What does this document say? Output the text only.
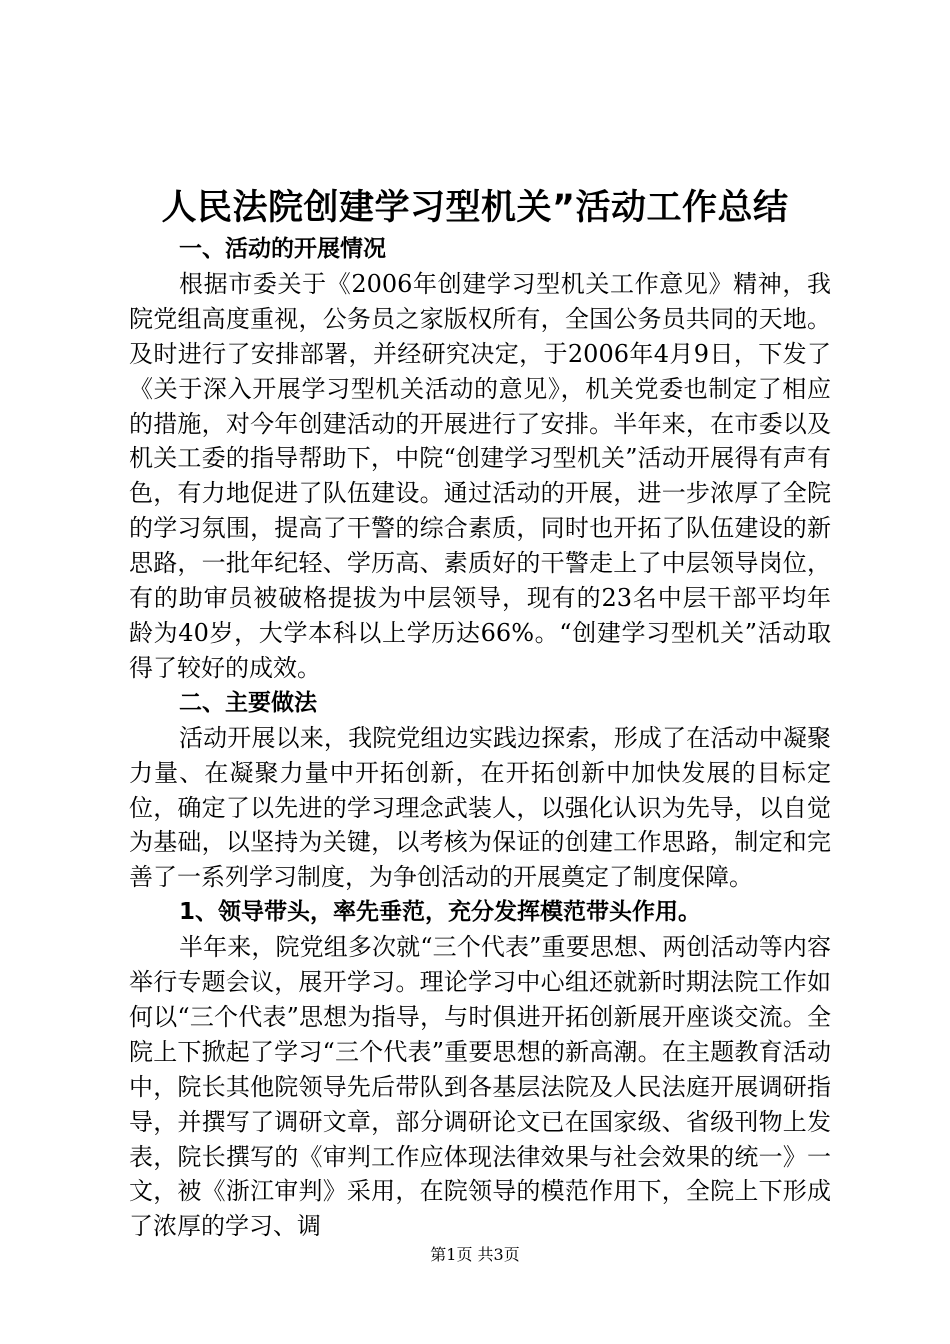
人民法院创建学习型机关”活动工作总结

一、活动的开展情况

根据市委关于《2006年创建学习型机关工作意见》精神，我院党组高度重视，公务员之家版权所有，全国公务员共同的天地。及时进行了安排部署，并经研究决定，于2006年4月9日，下发了《关于深入开展学习型机关活动的意见》，机关党委也制定了相应的措施，对今年创建活动的开展进行了安排。半年来，在市委以及机关工委的指导帮助下，中院“创建学习型机关”活动开展得有声有色，有力地促进了队伍建设。通过活动的开展，进一步浓厚了全院的学习氛围，提高了干警的综合素质，同时也开拓了队伍建设的新思路，一批年纪轻、学历高、素质好的干警走上了中层领导岗位，有的助审员被破格提拔为中层领导，现有的23名中层干部平均年龄为40岁，大学本科以上学历达66%。“创建学习型机关”活动取得了较好的成效。

二、主要做法

活动开展以来，我院党组边实践边探索，形成了在活动中凝聚力量、在凝聚力量中开拓创新，在开拓创新中加快发展的目标定位，确定了以先进的学习理念武装人，以强化认识为先导，以自觉为基础，以坚持为关键，以考核为保证的创建工作思路，制定和完善了一系列学习制度，为争创活动的开展奠定了制度保障。

1、领导带头，率先垂范，充分发挥模范带头作用。

半年来，院党组多次就“三个代表”重要思想、两创活动等内容举行专题会议，展开学习。理论学习中心组还就新时期法院工作如何以“三个代表”思想为指导，与时俱进开拓创新展开座谈交流。全院上下掀起了学习“三个代表”重要思想的新高潮。在主题教育活动中，院长其他院领导先后带队到各基层法院及人民法庭开展调研指导，并撰写了调研文章，部分调研论文已在国家级、省级刊物上发表，院长撰写的《审判工作应体现法律效果与社会效果的统一》一文，被《浙江审判》采用，在院领导的模范作用下，全院上下形成了浓厚的学习、调

第1页 共3页
